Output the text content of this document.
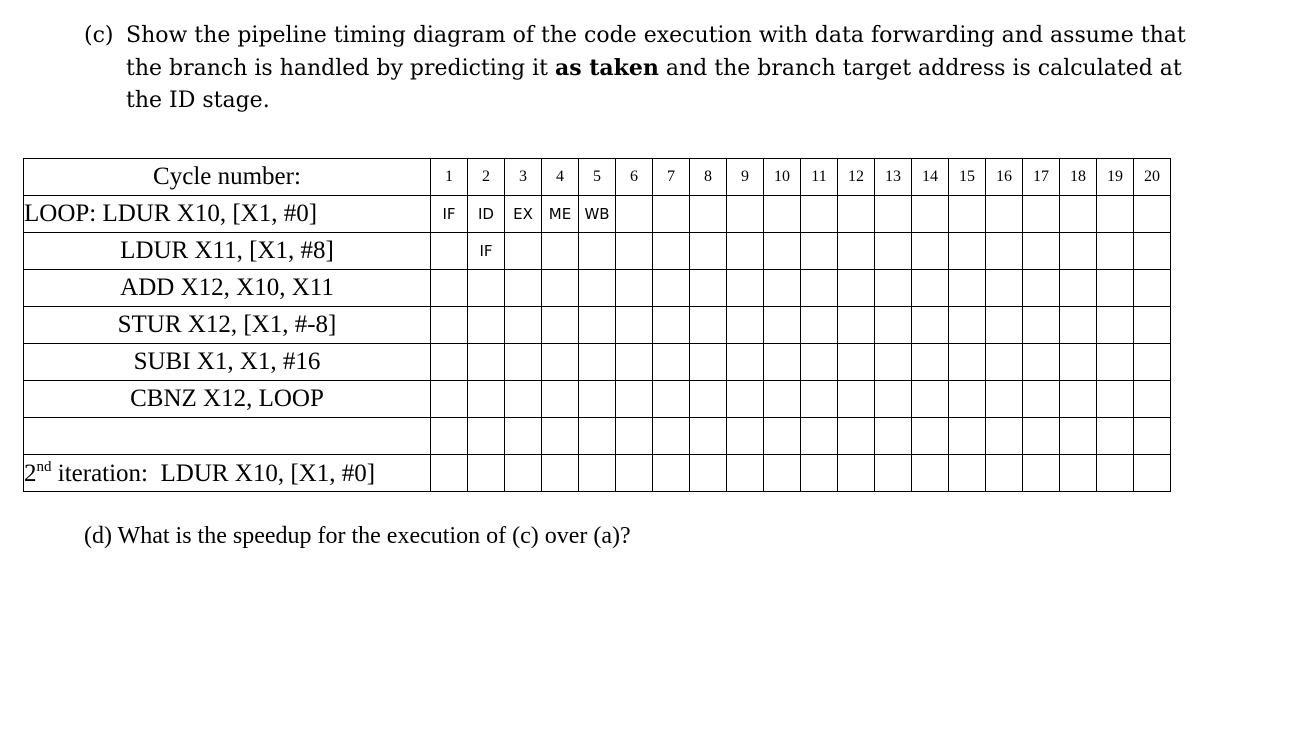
(c) Show the pipeline timing diagram of the code execution with data forwarding and assume that
the branch is handled by predicting it as taken and the branch target address is calculated at
the ID stage.
Cycle number:	1	2	3	4	5	6	7	8	9	10	11	12	13	14	15	16	17	18	19	20
LOOP: LDUR X10, [X1, #0]	IF	ID	EX	ME	WB															
LDUR X11, [X1, #8]		IF																		
ADD X12, X10, X11																				
STUR X12, [X1, #-8]																				
SUBI X1, X1, #16																				
CBNZ X12, LOOP																				

2nd iteration:  LDUR X10, [X1, #0]																				
(d) What is the speedup for the execution of (c) over (a)?
